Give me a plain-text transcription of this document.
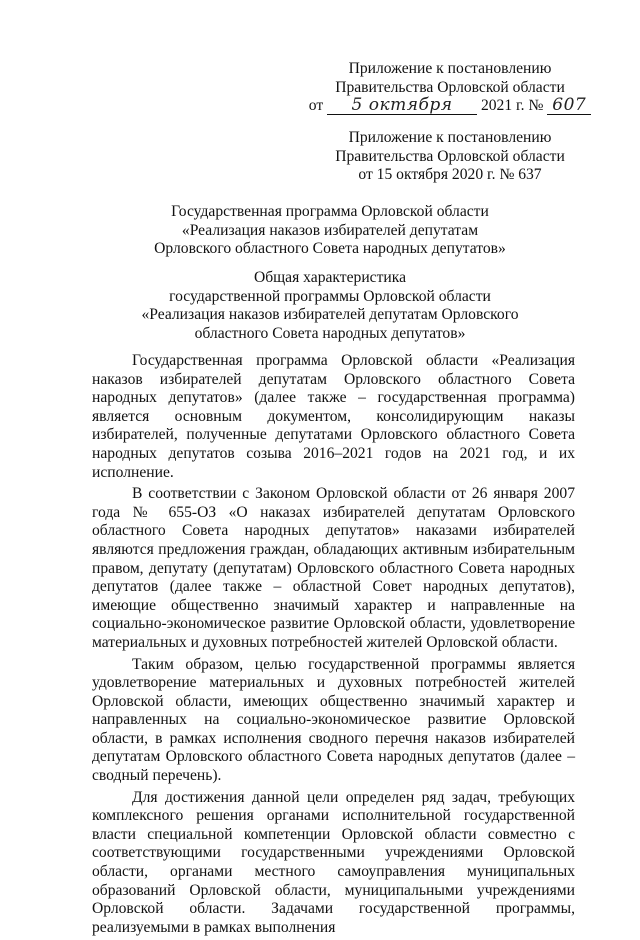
Приложение к постановлению
Правительства Орловской области
от 5 октября 2021 г. № 607
Приложение к постановлению
Правительства Орловской области
от 15 октября 2020 г. № 637
Государственная программа Орловской области
«Реализация наказов избирателей депутатам
Орловского областного Совета народных депутатов»
Общая характеристика
государственной программы Орловской области
«Реализация наказов избирателей депутатам Орловского
областного Совета народных депутатов»

Государственная программа Орловской области «Реализация наказов избирателей депутатам Орловского областного Совета народных депутатов» (далее также – государственная программа) является основным документом, консолидирующим наказы избирателей, полученные депутатами Орловского областного Совета народных депутатов созыва 2016–2021 годов на 2021 год, и их исполнение.

В соответствии с Законом Орловской области от 26 января 2007 года № 655-ОЗ «О наказах избирателей депутатам Орловского областного Совета народных депутатов» наказами избирателей являются предложения граждан, обладающих активным избирательным правом, депутату (депутатам) Орловского областного Совета народных депутатов (далее также – областной Совет народных депутатов), имеющие общественно значимый характер и направленные на социально-экономическое развитие Орловской области, удовлетворение материальных и духовных потребностей жителей Орловской области.

Таким образом, целью государственной программы является удовлетворение материальных и духовных потребностей жителей Орловской области, имеющих общественно значимый характер и направленных на социально-экономическое развитие Орловской области, в рамках исполнения сводного перечня наказов избирателей депутатам Орловского областного Совета народных депутатов (далее – сводный перечень).

Для достижения данной цели определен ряд задач, требующих комплексного решения органами исполнительной государственной власти специальной компетенции Орловской области совместно с соответствующими государственными учреждениями Орловской области, органами местного самоуправления муниципальных образований Орловской области, муниципальными учреждениями Орловской области. Задачами государственной программы, реализуемыми в рамках выполнения
